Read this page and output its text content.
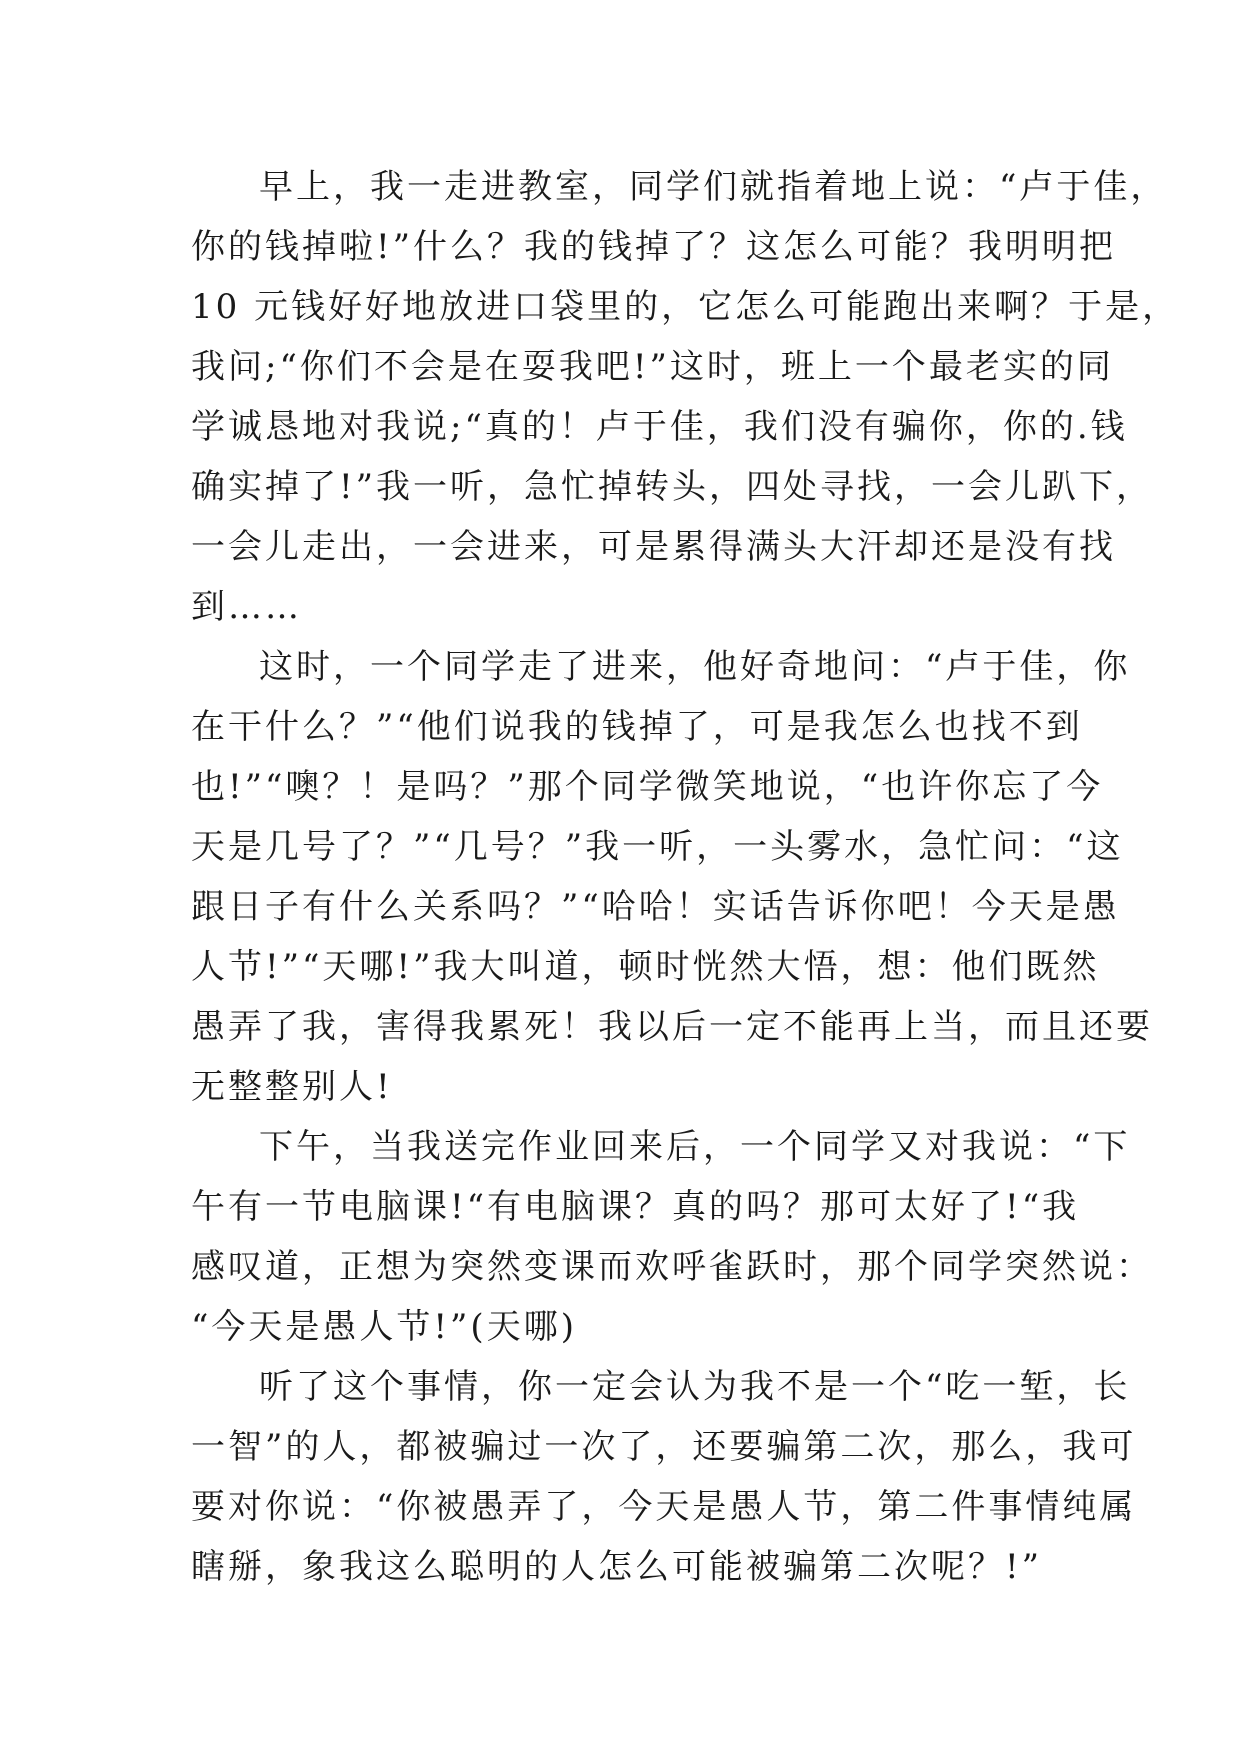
早上，我一走进教室，同学们就指着地上说：“卢于佳，
你的钱掉啦!”什么？我的钱掉了？这怎么可能？我明明把
10 元钱好好地放进口袋里的，它怎么可能跑出来啊？于是，
我问;“你们不会是在耍我吧!”这时，班上一个最老实的同
学诚恳地对我说;“真的！卢于佳，我们没有骗你，你的.钱
确实掉了!”我一听，急忙掉转头，四处寻找，一会儿趴下，
一会儿走出，一会进来，可是累得满头大汗却还是没有找
到……
这时，一个同学走了进来，他好奇地问：“卢于佳，你
在干什么？”“他们说我的钱掉了，可是我怎么也找不到
也!”“噢？！是吗？”那个同学微笑地说，“也许你忘了今
天是几号了？”“几号？”我一听，一头雾水，急忙问：“这
跟日子有什么关系吗？”“哈哈！实话告诉你吧！今天是愚
人节!”“天哪!”我大叫道，顿时恍然大悟，想：他们既然
愚弄了我，害得我累死！我以后一定不能再上当，而且还要
无整整别人!
下午，当我送完作业回来后，一个同学又对我说：“下
午有一节电脑课!“有电脑课？真的吗？那可太好了!“我
感叹道，正想为突然变课而欢呼雀跃时，那个同学突然说：
“今天是愚人节!”(天哪)
听了这个事情，你一定会认为我不是一个“吃一堑，长
一智”的人，都被骗过一次了，还要骗第二次，那么，我可
要对你说：“你被愚弄了，今天是愚人节，第二件事情纯属
瞎掰，象我这么聪明的人怎么可能被骗第二次呢？!”
